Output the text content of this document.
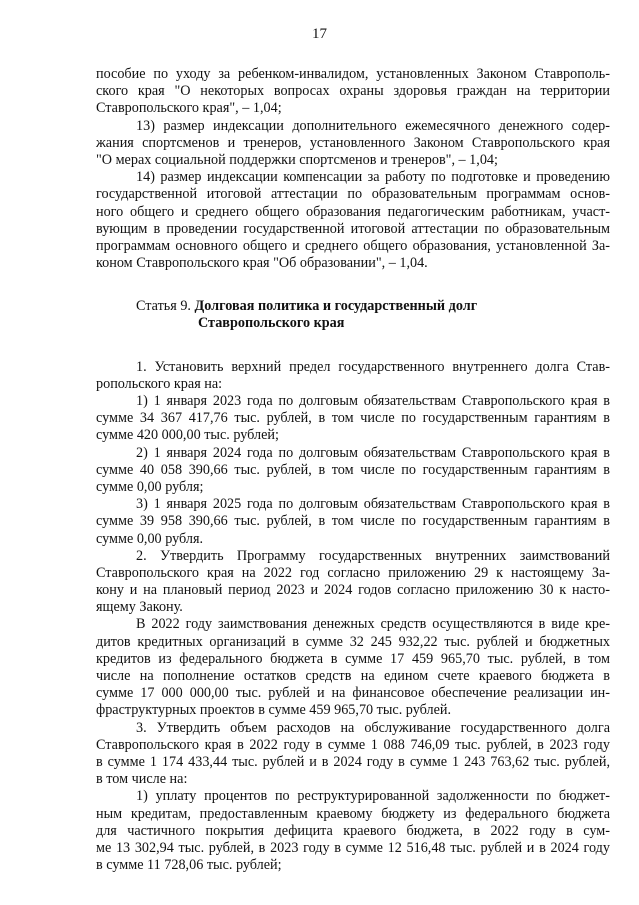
17
пособие по уходу за ребенком-инвалидом, установленных Законом Ставрополь-
ского края "О некоторых вопросах охраны здоровья граждан на территории
Ставропольского края", – 1,04;
13) размер индексации дополнительного ежемесячного денежного содер-
жания спортсменов и тренеров, установленного Законом Ставропольского края
"О мерах социальной поддержки спортсменов и тренеров", – 1,04;
14) размер индексации компенсации за работу по подготовке и проведению
государственной итоговой аттестации по образовательным программам основ-
ного общего и среднего общего образования педагогическим работникам, участ-
вующим в проведении государственной итоговой аттестации по образовательным
программам основного общего и среднего общего образования, установленной За-
коном Ставропольского края "Об образовании", – 1,04.
Статья 9. Долговая политика и государственный долг
Ставропольского края
1. Установить верхний предел государственного внутреннего долга Став-
ропольского края на:
1) 1 января 2023 года по долговым обязательствам Ставропольского края в
сумме 34 367 417,76 тыс. рублей, в том числе по государственным гарантиям в
сумме 420 000,00 тыс. рублей;
2) 1 января 2024 года по долговым обязательствам Ставропольского края в
сумме 40 058 390,66 тыс. рублей, в том числе по государственным гарантиям в
сумме 0,00 рубля;
3) 1 января 2025 года по долговым обязательствам Ставропольского края в
сумме 39 958 390,66 тыс. рублей, в том числе по государственным гарантиям в
сумме 0,00 рубля.
2. Утвердить Программу государственных внутренних заимствований
Ставропольского края на 2022 год согласно приложению 29 к настоящему За-
кону и на плановый период 2023 и 2024 годов согласно приложению 30 к насто-
ящему Закону.
В 2022 году заимствования денежных средств осуществляются в виде кре-
дитов кредитных организаций в сумме 32 245 932,22 тыс. рублей и бюджетных
кредитов из федерального бюджета в сумме 17 459 965,70 тыс. рублей, в том
числе на пополнение остатков средств на едином счете краевого бюджета в
сумме 17 000 000,00 тыс. рублей и на финансовое обеспечение реализации ин-
фраструктурных проектов в сумме 459 965,70 тыс. рублей.
3. Утвердить объем расходов на обслуживание государственного долга
Ставропольского края в 2022 году в сумме 1 088 746,09 тыс. рублей, в 2023 году
в сумме 1 174 433,44 тыс. рублей и в 2024 году в сумме 1 243 763,62 тыс. рублей,
в том числе на:
1) уплату процентов по реструктурированной задолженности по бюджет-
ным кредитам, предоставленным краевому бюджету из федерального бюджета
для частичного покрытия дефицита краевого бюджета, в 2022 году в сум-
ме 13 302,94 тыс. рублей, в 2023 году в сумме 12 516,48 тыс. рублей и в 2024 году
в сумме 11 728,06 тыс. рублей;
